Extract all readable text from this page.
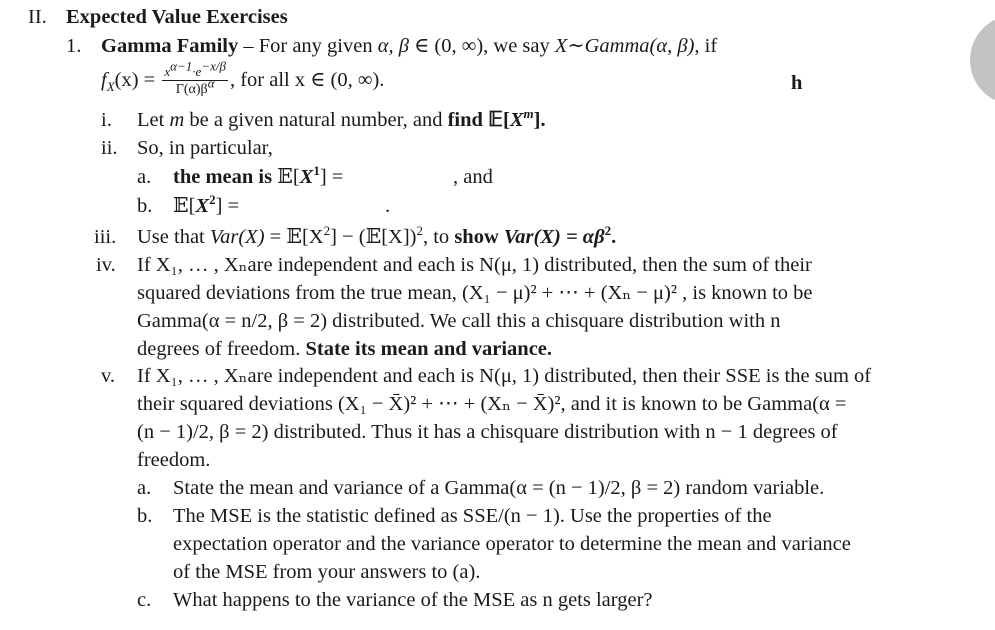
II. Expected Value Exercises
1. Gamma Family – For any given α, β ∈ (0, ∞), we say X∼Gamma(α, β), if
$f_X(x) = \frac{x^{\alpha-1}\cdot e^{-x/\beta}}{\Gamma(\alpha)\beta^\alpha}$ , for all x ∈ (0, ∞).	h
i. Let m be a given natural number, and find $𝔼[X^m]$.
ii. So, in particular,
a. the mean is $𝔼[X^1]$ =	, and
b. $𝔼[X^2]$ =	.
iii. Use that $Var(X) = 𝔼[X^2]$ − (𝔼[X])$^2$, to show $Var(X) = \alpha\beta^2$.
iv. If X₁, … , Xₙare independent and each is N(μ, 1) distributed, then the sum of their
squared deviations from the true mean, (X₁ − μ)² + ⋯ + (Xₙ − μ)² , is known to be
Gamma(α = n/2, β = 2) distributed. We call this a chisquare distribution with n
degrees of freedom. State its mean and variance.
v. If X₁, … , Xₙare independent and each is N(μ, 1) distributed, then their SSE is the sum of
their squared deviations (X₁ − X̄)² + ⋯ + (Xₙ − X̄)², and it is known to be Gamma(α =
(n − 1)/2, β = 2) distributed. Thus it has a chisquare distribution with n − 1 degrees of
freedom.
a. State the mean and variance of a Gamma(α = (n − 1)/2, β = 2) random variable.
b. The MSE is the statistic defined as SSE/(n − 1). Use the properties of the
expectation operator and the variance operator to determine the mean and variance
of the MSE from your answers to (a).
c. What happens to the variance of the MSE as n gets larger?
